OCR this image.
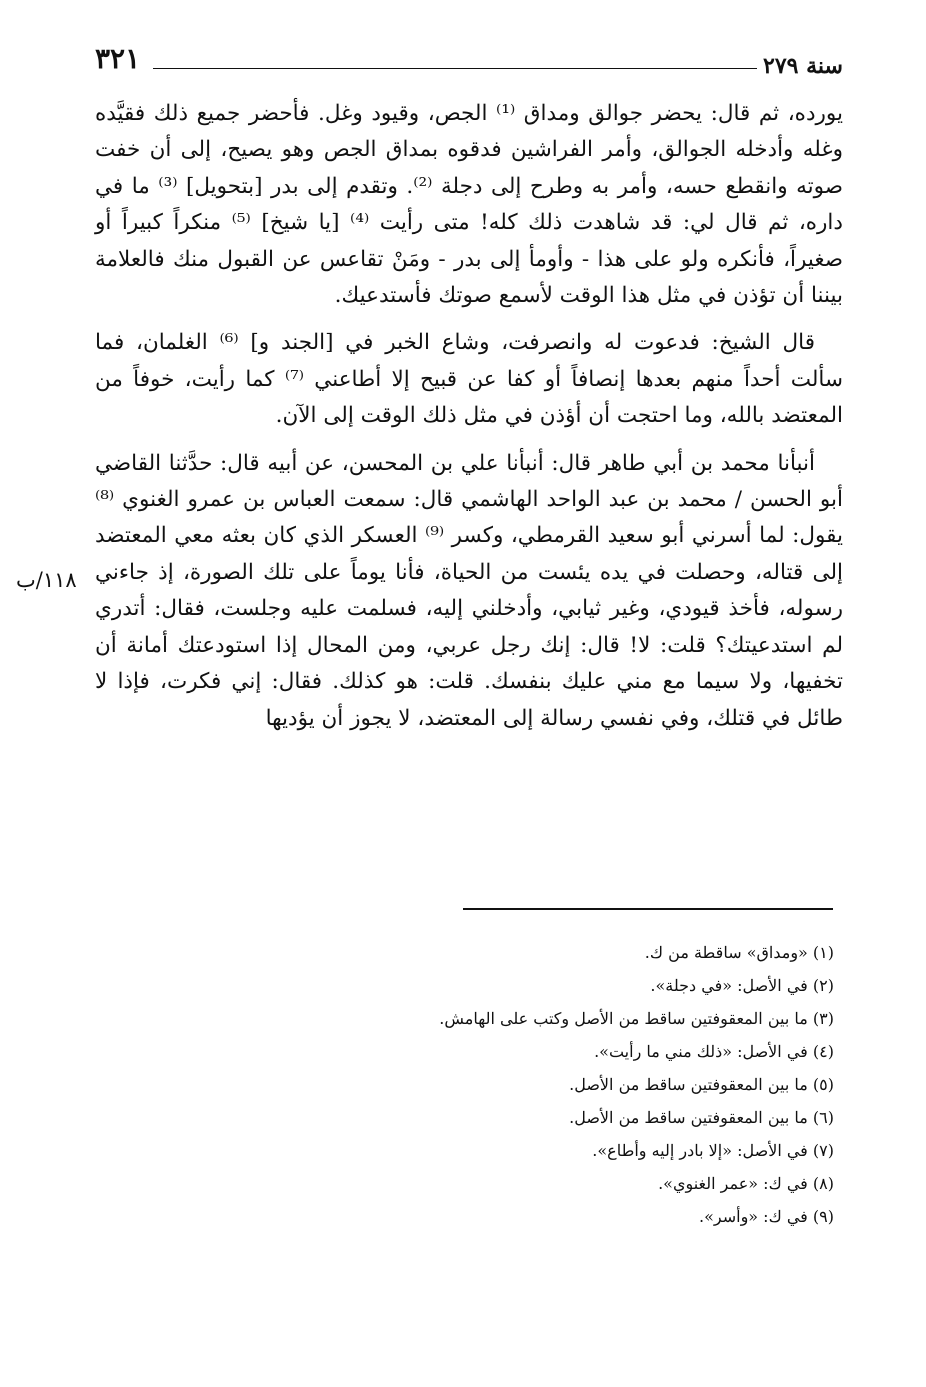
سنة ٢٧٩
٣٢١
١١٨/ب

يورده، ثم قال: يحضر جوالق ومداق ⁽¹⁾ الجص، وقيود وغل. فأحضر جميع ذلك فقيَّده وغله وأدخله الجوالق، وأمر الفراشين فدقوه بمداق الجص وهو يصيح، إلى أن خفت صوته وانقطع حسه، وأمر به وطرح إلى دجلة ⁽²⁾. وتقدم إلى بدر [بتحويل] ⁽³⁾ ما في داره، ثم قال لي: قد شاهدت ذلك كله! متى رأيت ⁽⁴⁾ [يا شيخ] ⁽⁵⁾ منكراً كبيراً أو صغيراً، فأنكره ولو على هذا - وأومأ إلى بدر - ومَنْ تقاعس عن القبول منك فالعلامة بيننا أن تؤذن في مثل هذا الوقت لأسمع صوتك فأستدعيك.

قال الشيخ: فدعوت له وانصرفت، وشاع الخبر في [الجند و] ⁽⁶⁾ الغلمان، فما سألت أحداً منهم بعدها إنصافاً أو كفا عن قبيح إلا أطاعني ⁽⁷⁾ كما رأيت، خوفاً من المعتضد بالله، وما احتجت أن أؤذن في مثل ذلك الوقت إلى الآن.

أنبأنا محمد بن أبي طاهر قال: أنبأنا علي بن المحسن، عن أبيه قال: حدَّثنا القاضي أبو الحسن / محمد بن عبد الواحد الهاشمي قال: سمعت العباس بن عمرو الغنوي ⁽⁸⁾ يقول: لما أسرني أبو سعيد القرمطي، وكسر ⁽⁹⁾ العسكر الذي كان بعثه معي المعتضد إلى قتاله، وحصلت في يده يئست من الحياة، فأنا يوماً على تلك الصورة، إذ جاءني رسوله، فأخذ قيودي، وغير ثيابي، وأدخلني إليه، فسلمت عليه وجلست، فقال: أتدري لم استدعيتك؟ قلت: لا! قال: إنك رجل عربي، ومن المحال إذا استودعتك أمانة أن تخفيها، ولا سيما مع مني عليك بنفسك. قلت: هو كذلك. فقال: إني فكرت، فإذا لا طائل في قتلك، وفي نفسي رسالة إلى المعتضد، لا يجوز أن يؤديها

(١) «ومداق» ساقطة من ك.
(٢) في الأصل: «في دجلة».
(٣) ما بين المعقوفتين ساقط من الأصل وكتب على الهامش.
(٤) في الأصل: «ذلك مني ما رأيت».
(٥) ما بين المعقوفتين ساقط من الأصل.
(٦) ما بين المعقوفتين ساقط من الأصل.
(٧) في الأصل: «إلا بادر إليه وأطاع».
(٨) في ك: «عمر الغنوي».
(٩) في ك: «وأسر».
